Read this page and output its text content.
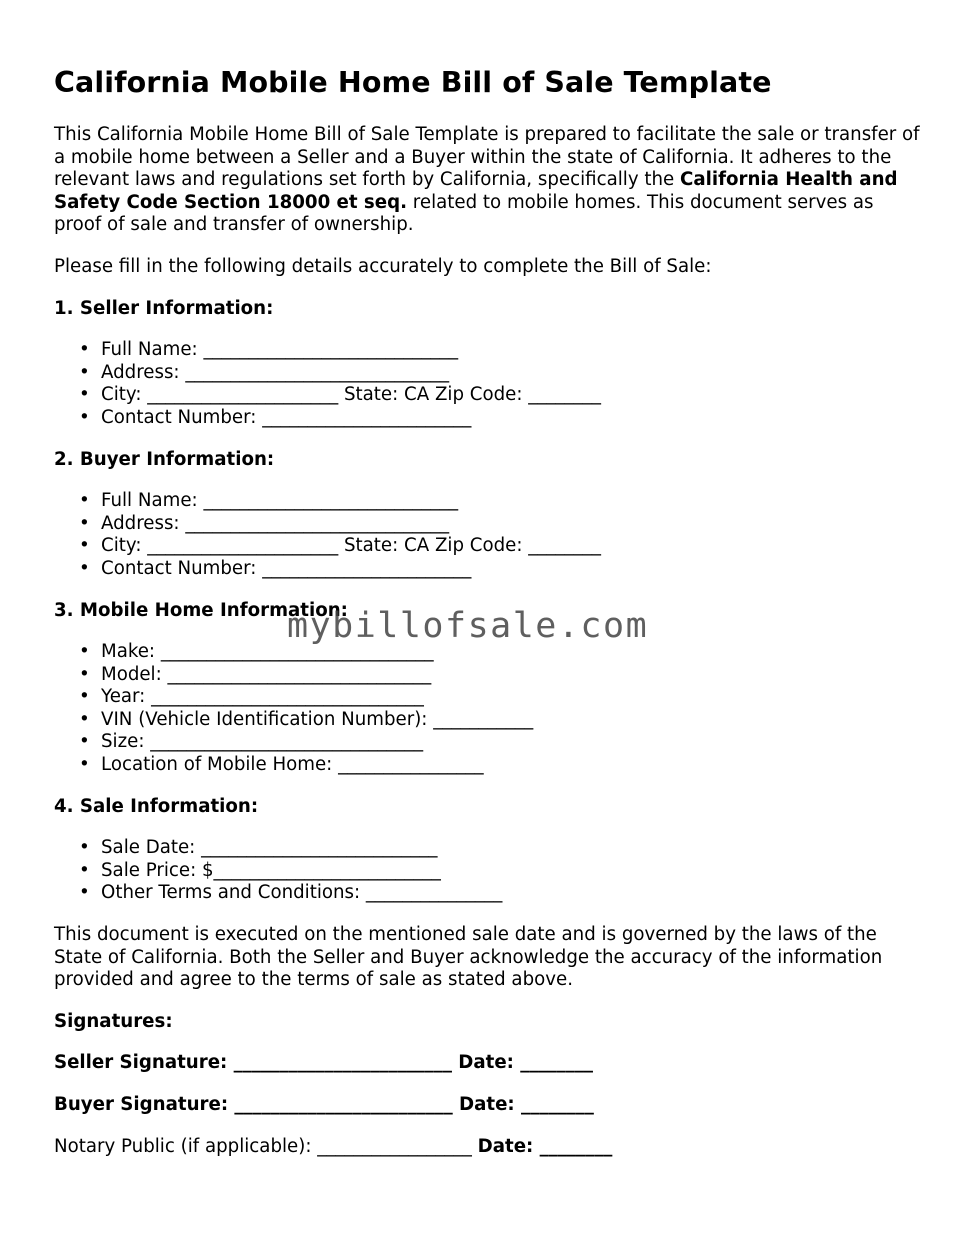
California Mobile Home Bill of Sale Template

This California Mobile Home Bill of Sale Template is prepared to facilitate the sale or transfer of a mobile home between a Seller and a Buyer within the state of California. It adheres to the relevant laws and regulations set forth by California, specifically the California Health and Safety Code Section 18000 et seq. related to mobile homes. This document serves as proof of sale and transfer of ownership.

Please fill in the following details accurately to complete the Bill of Sale:

1. Seller Information:
• Full Name: ____________________________
• Address: _____________________________
• City: _____________________ State: CA Zip Code: ________
• Contact Number: _______________________
2. Buyer Information:
• Full Name: ____________________________
• Address: _____________________________
• City: _____________________ State: CA Zip Code: ________
• Contact Number: _______________________
3. Mobile Home Information:
• Make: ______________________________
• Model: _____________________________
• Year: ______________________________
• VIN (Vehicle Identification Number): ___________
• Size: ______________________________
• Location of Mobile Home: ________________
4. Sale Information:
• Sale Date: __________________________
• Sale Price: $_________________________
• Other Terms and Conditions: _______________

This document is executed on the mentioned sale date and is governed by the laws of the State of California. Both the Seller and Buyer acknowledge the accuracy of the information provided and agree to the terms of sale as stated above.

Signatures:
Seller Signature: ________________________ Date: ________
Buyer Signature: ________________________ Date: ________
Notary Public (if applicable): _________________ Date: ________
mybillofsale.com
